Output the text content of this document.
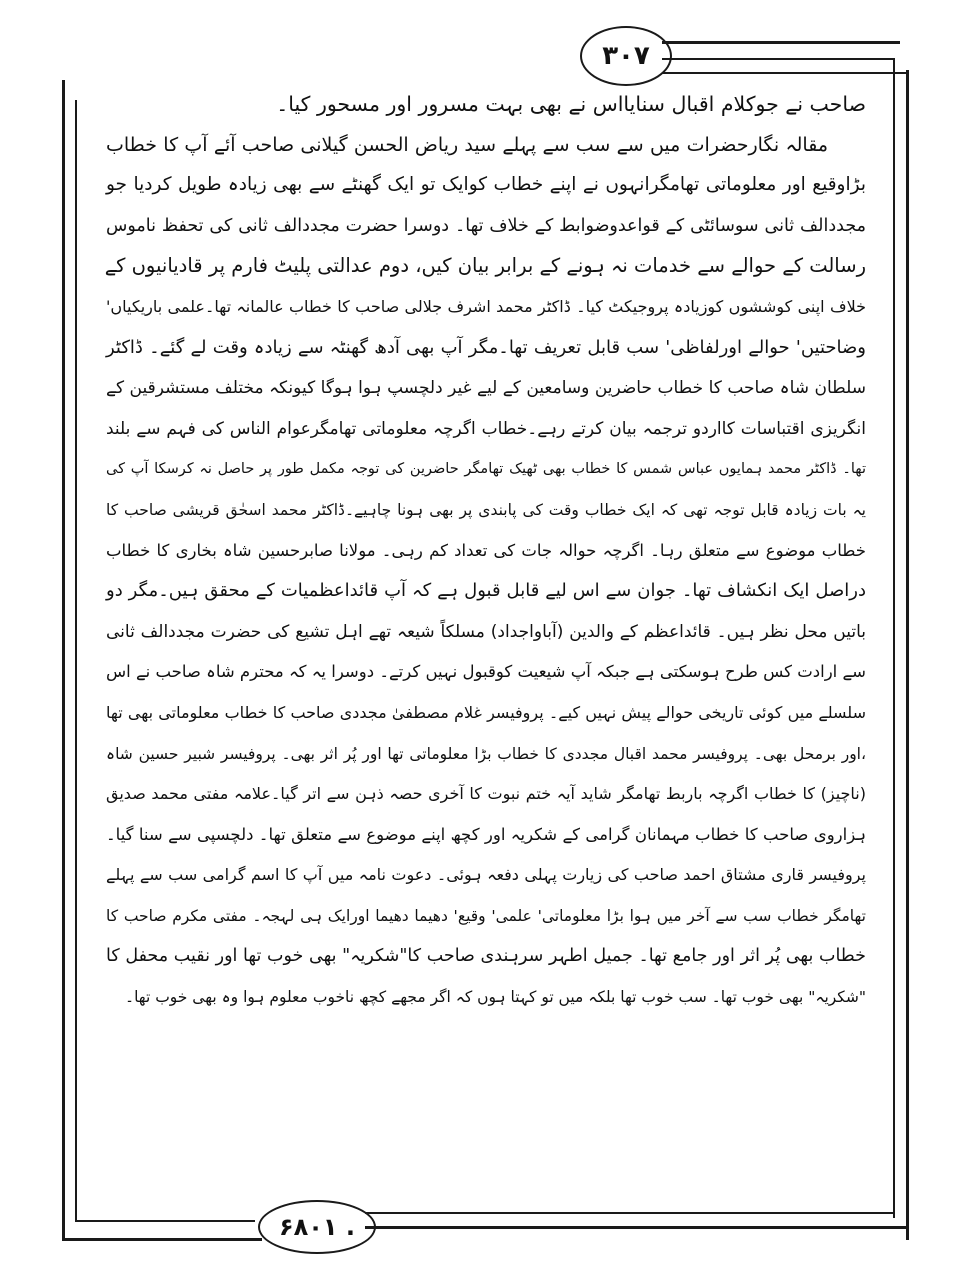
۳۰۷
۶۸۰۱ .
صاحب نے جوکلام اقبال سنایااس نے بھی بہت مسرور اور مسحور کیا۔
مقالہ نگارحضرات میں سے سب سے پہلے سید ریاض الحسن گیلانی صاحب آئے آپ کا خطاب
بڑاوقیع اور معلوماتی تھامگرانہوں نے اپنے خطاب کوایک تو ایک گھنٹے سے بھی زیادہ طویل کردیا جو
مجددالف ثانی سوسائٹی کے قواعدوضوابط کے خلاف تھا۔ دوسرا حضرت مجددالف ثانی کی تحفظ ناموس
رسالت کے حوالے سے خدمات نہ ہونے کے برابر بیان کیں، دوم عدالتی پلیٹ فارم پر قادیانیوں کے
خلاف اپنی کوششوں کوزیادہ پروجیکٹ کیا۔ ڈاکٹر محمد اشرف جلالی صاحب کا خطاب عالمانہ تھا۔علمی باریکیاں'
وضاحتیں' حوالے اورلفاظی' سب قابل تعریف تھا۔مگر آپ بھی آدھ گھنٹہ سے زیادہ وقت لے گئے۔ ڈاکٹر
سلطان شاہ صاحب کا خطاب حاضرین وسامعین کے لیے غیر دلچسپ ہوا ہوگا کیونکہ مختلف مستشرقین کے
انگریزی اقتباسات کااردو ترجمہ بیان کرتے رہے۔خطاب اگرچہ معلوماتی تھامگرعوام الناس کی فہم سے بلند
تھا۔ ڈاکٹر محمد ہمایوں عباس شمس کا خطاب بھی ٹھیک تھامگر حاضرین کی توجہ مکمل طور پر حاصل نہ کرسکا آپ کی
یہ بات زیادہ قابل توجہ تھی کہ ایک خطاب وقت کی پابندی پر بھی ہونا چاہیے۔ڈاکٹر محمد اسحٰق قریشی صاحب کا
خطاب موضوع سے متعلق رہا۔ اگرچہ حوالہ جات کی تعداد کم رہی۔ مولانا صابرحسین شاہ بخاری کا خطاب
دراصل ایک انکشاف تھا۔ جوان سے اس لیے قابل قبول ہے کہ آپ قائداعظمیات کے محقق ہیں۔مگر دو
باتیں محل نظر ہیں۔ قائداعظم کے والدین (آباواجداد) مسلکاً شیعہ تھے اہل تشیع کی حضرت مجددالف ثانی
سے ارادت کس طرح ہوسکتی ہے جبکہ آپ شیعیت کوقبول نہیں کرتے۔ دوسرا یہ کہ محترم شاہ صاحب نے اس
سلسلے میں کوئی تاریخی حوالے پیش نہیں کیے۔ پروفیسر غلام مصطفیٰ مجددی صاحب کا خطاب معلوماتی بھی تھا
،اور برمحل بھی۔ پروفیسر محمد اقبال مجددی کا خطاب بڑا معلوماتی تھا اور پُر اثر بھی۔ پروفیسر شبیر حسین شاہ
(ناچیز) کا خطاب اگرچہ باربط تھامگر شاید آیہ ختم نبوت کا آخری حصہ ذہن سے اتر گیا۔علامہ مفتی محمد صدیق
ہزاروی صاحب کا خطاب مہمانان گرامی کے شکریہ اور کچھ اپنے موضوع سے متعلق تھا۔ دلچسپی سے سنا گیا۔
پروفیسر قاری مشتاق احمد صاحب کی زیارت پہلی دفعہ ہوئی۔ دعوت نامہ میں آپ کا اسم گرامی سب سے پہلے
تھامگر خطاب سب سے آخر میں ہوا بڑا معلوماتی' علمی' وقیع' دھیما دھیما اورایک ہی لہجہ۔ مفتی مکرم صاحب کا
خطاب بھی پُر اثر اور جامع تھا۔ جمیل اطہر سرہندی صاحب کا"شکریہ" بھی خوب تھا اور نقیب محفل کا
"شکریہ" بھی خوب تھا۔ سب خوب تھا بلکہ میں تو کہتا ہوں کہ اگر مجھے کچھ ناخوب معلوم ہوا وہ بھی خوب تھا۔
